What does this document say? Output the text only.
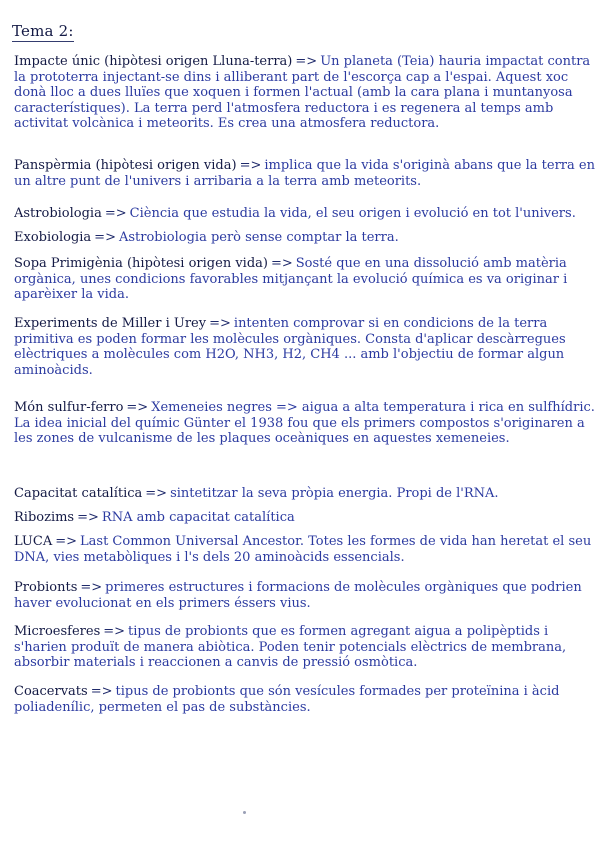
Tema 2:
Impacte únic (hipòtesi origen Lluna-terra) => Un planeta (Teia) hauria impactat contra la prototerra injectant-se dins i alliberant part de l'escorça cap a l'espai. Aquest xoc donà lloc a dues lluïes que xoquen i formen l'actual (amb la cara plana i muntanyosa característiques). La terra perd l'atmosfera reductora i es regenera al temps amb activitat volcànica i meteorits. Es crea una atmosfera reductora.
Panspèrmia (hipòtesi origen vida) => implica que la vida s'originà abans que la terra en un altre punt de l'univers i arribaria a la terra amb meteorits.
Astrobiologia => Ciència que estudia la vida, el seu origen i evolució en tot l'univers.
Exobiologia => Astrobiologia però sense comptar la terra.
Sopa Primigènia (hipòtesi origen vida) => Sosté que en una dissolució amb matèria orgànica, unes condicions favorables mitjançant la evolució química es va originar i aparèixer la vida.
Experiments de Miller i Urey => intenten comprovar si en condicions de la terra primitiva es poden formar les molècules orgàniques. Consta d'aplicar descàrregues elèctriques a molècules com H2O, NH3, H2, CH4 ... amb l'objectiu de formar algun aminoàcids.
Món sulfur-ferro => Xemeneies negres => aigua a alta temperatura i rica en sulfhídric. La idea inicial del químic Günter el 1938 fou que els primers compostos s'originaren a les zones de vulcanisme de les plaques oceàniques en aquestes xemeneies.
Capacitat catalítica => sintetitzar la seva pròpia energia. Propi de l'RNA.
Ribozims => RNA amb capacitat catalítica
LUCA => Last Common Universal Ancestor. Totes les formes de vida han heretat el seu DNA, vies metabòliques i l's dels 20 aminoàcids essencials.
Probionts => primeres estructures i formacions de molècules orgàniques que podrien haver evolucionat en els primers éssers vius.
Microesferes => tipus de probionts que es formen agregant aigua a polipèptids i s'harien produït de manera abiòtica. Poden tenir potencials elèctrics de membrana, absorbir materials i reaccionen a canvis de pressió osmòtica.
Coacervats => tipus de probionts que són vesícules formades per proteïnina i àcid poliadenílic, permeten el pas de substàncies.
